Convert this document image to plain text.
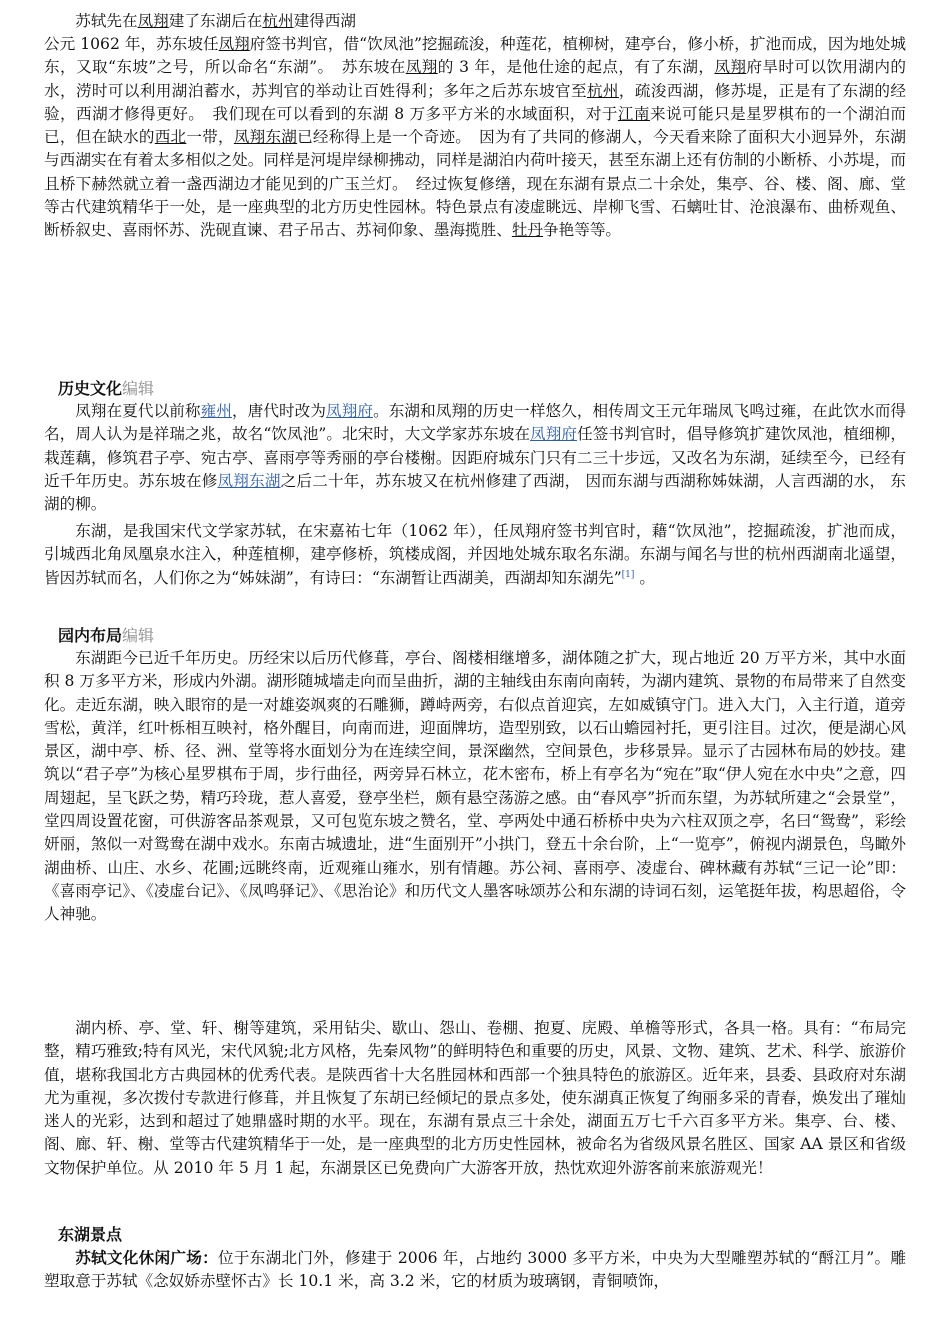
苏轼先在凤翔建了东湖后在杭州建得西湖

公元 1062 年，苏东坡任凤翔府签书判官，借“饮凤池”挖掘疏浚，种莲花，植柳树，建亭台，修小桥，扩池而成，因为地处城东，又取“东坡”之号，所以命名“东湖”。　苏东坡在凤翔的 3 年，是他仕途的起点，有了东湖，凤翔府旱时可以饮用湖内的水，涝时可以利用湖泊蓄水，苏判官的举动让百姓得利；多年之后苏东坡官至杭州，疏浚西湖，修苏堤，正是有了东湖的经验，西湖才修得更好。　我们现在可以看到的东湖 8 万多平方米的水域面积，对于江南来说可能只是星罗棋布的一个湖泊而已，但在缺水的西北一带，凤翔东湖已经称得上是一个奇迹。　因为有了共同的修湖人，今天看来除了面积大小迥异外，东湖与西湖实在有着太多相似之处。同样是河堤岸绿柳拂动，同样是湖泊内荷叶接天，甚至东湖上还有仿制的小断桥、小苏堤，而且桥下赫然就立着一盏西湖边才能见到的广玉兰灯。　经过恢复修缮，现在东湖有景点二十余处，集亭、谷、楼、阁、廊、堂等古代建筑精华于一处，是一座典型的北方历史性园林。特色景点有凌虚眺远、岸柳飞雪、石螭吐甘、沧浪瀑布、曲桥观鱼、断桥叙史、喜雨怀苏、洗砚直谏、君子吊古、苏祠仰象、墨海揽胜、牡丹争艳等等。

历史文化编辑

凤翔在夏代以前称雍州，唐代时改为凤翔府。东湖和凤翔的历史一样悠久，相传周文王元年瑞凤飞鸣过雍，在此饮水而得名，周人认为是祥瑞之兆，故名“饮凤池”。北宋时，大文学家苏东坡在凤翔府任签书判官时，倡导修筑扩建饮凤池，植细柳，栽莲藕，修筑君子亭、宛古亭、喜雨亭等秀丽的亭台楼榭。因距府城东门只有二三十步远，又改名为东湖，延续至今，已经有近千年历史。苏东坡在修凤翔东湖之后二十年，苏东坡又在杭州修建了西湖， 因而东湖与西湖称姊妹湖，人言西湖的水， 东湖的柳。

东湖，是我国宋代文学家苏轼，在宋嘉祐七年（1062 年），任凤翔府签书判官时，藉“饮凤池”，挖掘疏浚，扩池而成，引城西北角凤凰泉水注入，种莲植柳，建亭修桥，筑楼成阁，并因地处城东取名东湖。东湖与闻名与世的杭州西湖南北遥望，皆因苏轼而名，人们你之为“姊妹湖”，有诗曰：“东湖暂让西湖美，西湖却知东湖先”[1] 。

园内布局编辑

东湖距今已近千年历史。历经宋以后历代修葺，亭台、阁楼相继增多，湖体随之扩大，现占地近 20 万平方米，其中水面积 8 万多平方米，形成内外湖。湖形随城墙走向而呈曲折，湖的主轴线由东南向南转，为湖内建筑、景物的布局带来了自然变化。走近东湖，映入眼帘的是一对雄姿飒爽的石雕狮，蹲峙两旁，右似点首迎宾，左如威镇守门。进入大门，入主行道，道旁雪松，黄洋，红叶栎相互映衬，格外醒目，向南而进，迎面牌坊，造型别致，以石山蟾园衬托，更引注目。过次，便是湖心风景区，湖中亭、桥、径、洲、堂等将水面划分为在连续空间，景深幽然，空间景色，步移景异。显示了古园林布局的妙技。建筑以“君子亭”为核心星罗棋布于周，步行曲径，两旁异石林立，花木密布，桥上有亭名为“宛在”取“伊人宛在水中央”之意，四周翅起，呈飞跃之势，精巧玲珑，惹人喜爱，登亭坐栏，颇有悬空荡游之感。由“春风亭”折而东望，为苏轼所建之“会景堂”，堂四周设置花窗，可供游客品茶观景，又可包览东坡之赞名，堂、亭两处中通石桥桥中央为六柱双顶之亭，名曰“鸳鸯”，彩绘妍丽，煞似一对鸳鸯在湖中戏水。东南古城遗址，进“生面别开”小拱门，登五十余台阶，上“一览亭”，俯视内湖景色，鸟瞰外湖曲桥、山庄、水乡、花圃;远眺终南，近观雍山雍水，别有情趣。苏公祠、喜雨亭、凌虚台、碑林藏有苏轼“三记一论”即：《喜雨亭记》、《凌虚台记》、《凤鸣驿记》、《思治论》和历代文人墨客咏颂苏公和东湖的诗词石刻，运笔挺年拔，构思超俗，令人神驰。

湖内桥、亭、堂、轩、榭等建筑，采用钻尖、歇山、怨山、卷棚、抱夏、庑殿、单檐等形式，各具一格。具有：“布局完整，精巧雅致;特有风光，宋代风貌;北方风格，先秦风物”的鲜明特色和重要的历史，风景、文物、建筑、艺术、科学、旅游价值，堪称我国北方古典园林的优秀代表。是陕西省十大名胜园林和西部一个独具特色的旅游区。近年来，县委、县政府对东湖尤为重视，多次拨付专款进行修葺，并且恢复了东胡已经倾圮的景点多处，使东湖真正恢复了绚丽多采的青春，焕发出了璀灿迷人的光彩，达到和超过了她鼎盛时期的水平。现在，东湖有景点三十余处，湖面五万七千六百多平方米。集亭、台、楼、阁、廊、轩、榭、堂等古代建筑精华于一处，是一座典型的北方历史性园林，被命名为省级风景名胜区、国家 AA 景区和省级文物保护单位。从 2010 年 5 月 1 起，东湖景区已免费向广大游客开放，热忱欢迎外游客前来旅游观光！

东湖景点

苏轼文化休闲广场：位于东湖北门外，修建于 2006 年，占地约 3000 多平方米，中央为大型雕塑苏轼的“酹江月”。雕塑取意于苏轼《念奴娇赤壁怀古》长 10.1 米，高 3.2 米，它的材质为玻璃钢，青铜喷饰，
